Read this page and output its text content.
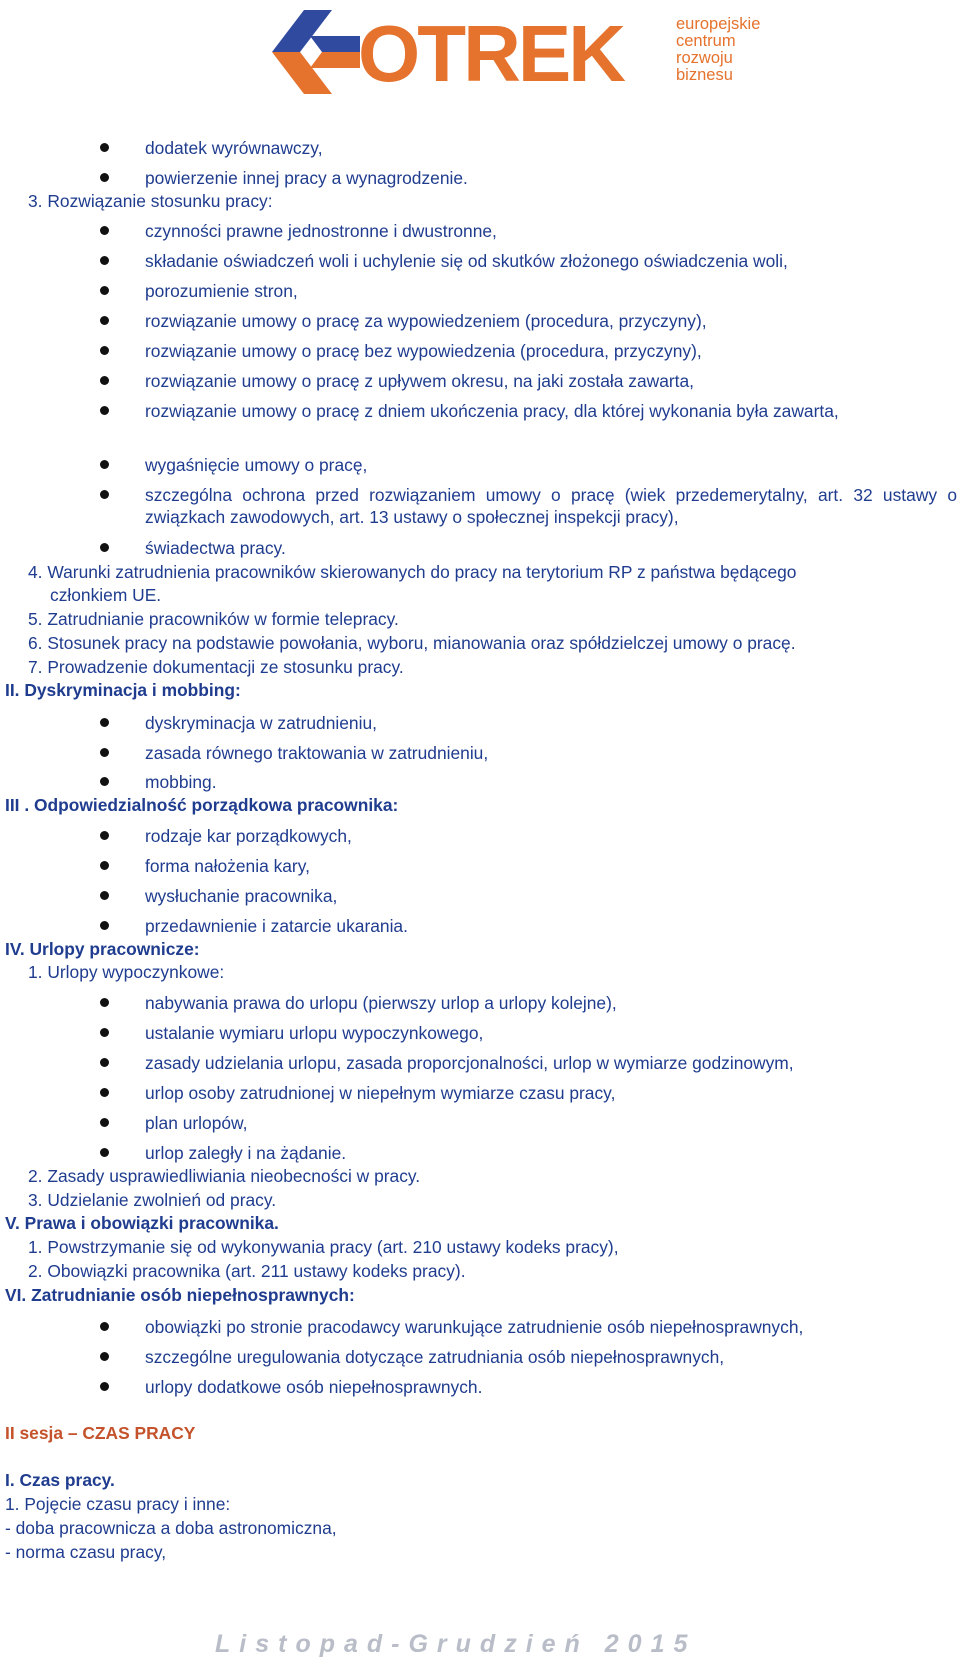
OTREK	europejskie
centrum
rozwoju
biznesu
dodatek wyrównawczy,
powierzenie innej pracy a wynagrodzenie.
3. Rozwiązanie stosunku pracy:
czynności prawne jednostronne i dwustronne,
składanie oświadczeń woli i uchylenie się od skutków złożonego oświadczenia woli,
porozumienie stron,
rozwiązanie umowy o pracę za wypowiedzeniem (procedura, przyczyny),
rozwiązanie umowy o pracę bez wypowiedzenia (procedura, przyczyny),
rozwiązanie umowy o pracę z upływem okresu, na jaki została zawarta,
rozwiązanie umowy o pracę z dniem ukończenia pracy, dla której wykonania była zawarta,
wygaśnięcie umowy o pracę,
szczególna ochrona przed rozwiązaniem umowy o pracę (wiek przedemerytalny, art. 32 ustawy o związkach zawodowych, art. 13 ustawy o społecznej inspekcji pracy),
świadectwa pracy.
4. Warunki zatrudnienia pracowników skierowanych do pracy na terytorium RP z państwa będącego
członkiem UE.
5. Zatrudnianie pracowników w formie telepracy.
6. Stosunek pracy na podstawie powołania, wyboru, mianowania oraz spółdzielczej umowy o pracę.
7. Prowadzenie dokumentacji ze stosunku pracy.
II. Dyskryminacja i mobbing:
dyskryminacja w zatrudnieniu,
zasada równego traktowania w zatrudnieniu,
mobbing.
III . Odpowiedzialność porządkowa pracownika:
rodzaje kar porządkowych,
forma nałożenia kary,
wysłuchanie pracownika,
przedawnienie i zatarcie ukarania.
IV. Urlopy pracownicze:
1. Urlopy wypoczynkowe:
nabywania prawa do urlopu (pierwszy urlop a urlopy kolejne),
ustalanie wymiaru urlopu wypoczynkowego,
zasady udzielania urlopu, zasada proporcjonalności, urlop w wymiarze godzinowym,
urlop osoby zatrudnionej w niepełnym wymiarze czasu pracy,
plan urlopów,
urlop zaległy i na żądanie.
2. Zasady usprawiedliwiania nieobecności w pracy.
3. Udzielanie zwolnień od pracy.
V. Prawa i obowiązki pracownika.
1. Powstrzymanie się od wykonywania pracy (art. 210 ustawy kodeks pracy),
2. Obowiązki pracownika (art. 211 ustawy kodeks pracy).
VI. Zatrudnianie osób niepełnosprawnych:
obowiązki po stronie pracodawcy warunkujące zatrudnienie osób niepełnosprawnych,
szczególne uregulowania dotyczące zatrudniania osób niepełnosprawnych,
urlopy dodatkowe osób niepełnosprawnych.
II sesja – CZAS PRACY
I. Czas pracy.
1. Pojęcie czasu pracy i inne:
- doba pracownicza a doba astronomiczna,
- norma czasu pracy,
Listopad-Grudzień 2015
